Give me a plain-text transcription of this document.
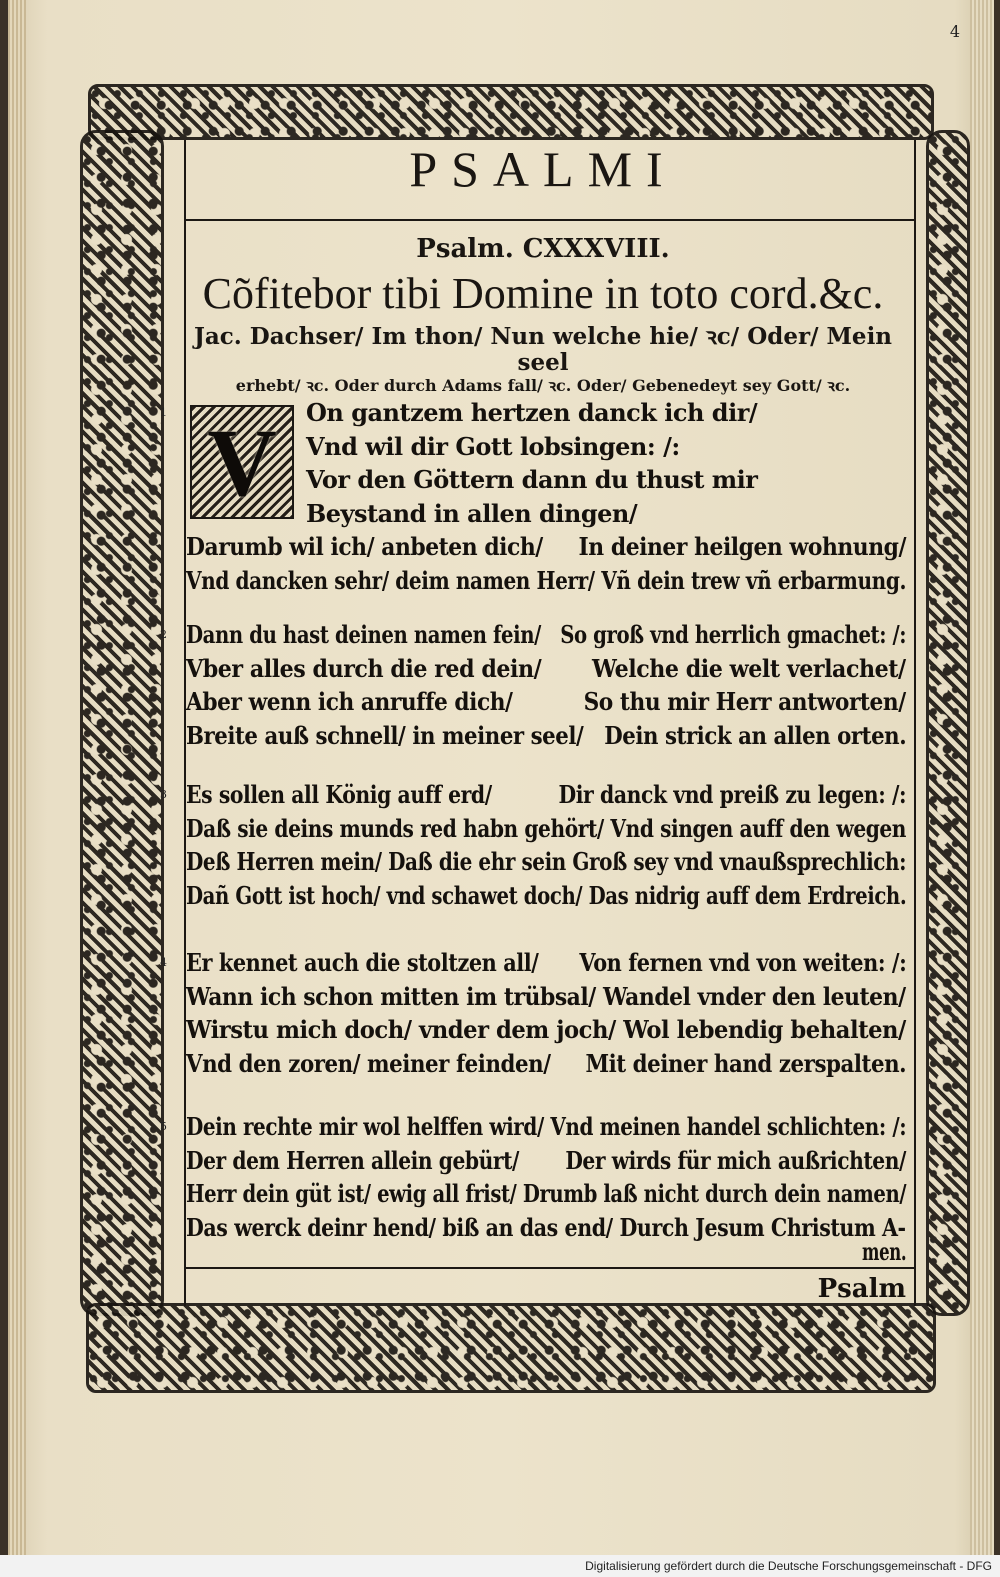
4
PSALMI
Psalm. CXXXVIII.
Cõfitebor tibi Domine in toto cord.&c.
Jac. Dachser/ Im thon/ Nun welche hie/ ꝛc/ Oder/ Mein seel
erhebt/ ꝛc. Oder durch Adams fall/ ꝛc. Oder/ Gebenedeyt sey Gott/ ꝛc.
V
1	On gantzem hertzen danck ich dir/
Vnd wil dir Gott lobsingen: /:
Vor den Göttern dann du thust mir
Beystand in allen dingen/
Darumb wil ich/ anbeten dich/     In deiner heilgen wohnung/
Vnd dancken sehr/ deim namen Herr/ Vñ dein trew vñ erbarmung.
2 Dann du hast deinen namen fein/   So groß vnd herrlich gmachet: /:
Vber alles durch die red dein/       Welche die welt verlachet/
Aber wenn ich anruffe dich/          So thu mir Herr antworten/
Breite auß schnell/ in meiner seel/   Dein strick an allen orten.
3 Es sollen all König auff erd/          Dir danck vnd preiß zu legen: /:
Daß sie deins munds red habn gehört/ Vnd singen auff den wegen
Deß Herren mein/ Daß die ehr sein Groß sey vnd vnaußsprechlich:
Dañ Gott ist hoch/ vnd schawet doch/ Das nidrig auff dem Erdreich.
4 Er kennet auch die stoltzen all/      Von fernen vnd von weiten: /:
Wann ich schon mitten im trübsal/ Wandel vnder den leuten/
Wirstu mich doch/ vnder dem joch/ Wol lebendig behalten/
Vnd den zoren/ meiner feinden/     Mit deiner hand zerspalten.
5 Dein rechte mir wol helffen wird/ Vnd meinen handel schlichten: /:
Der dem Herren allein gebürt/       Der wirds für mich außrichten/
Herr dein güt ist/ ewig all frist/ Drumb laß nicht durch dein namen/
Das werck deinr hend/ biß an das end/ Durch Jesum Christum A-
men.
Psalm
Digitalisierung gefördert durch die Deutsche Forschungsgemeinschaft - DFG
